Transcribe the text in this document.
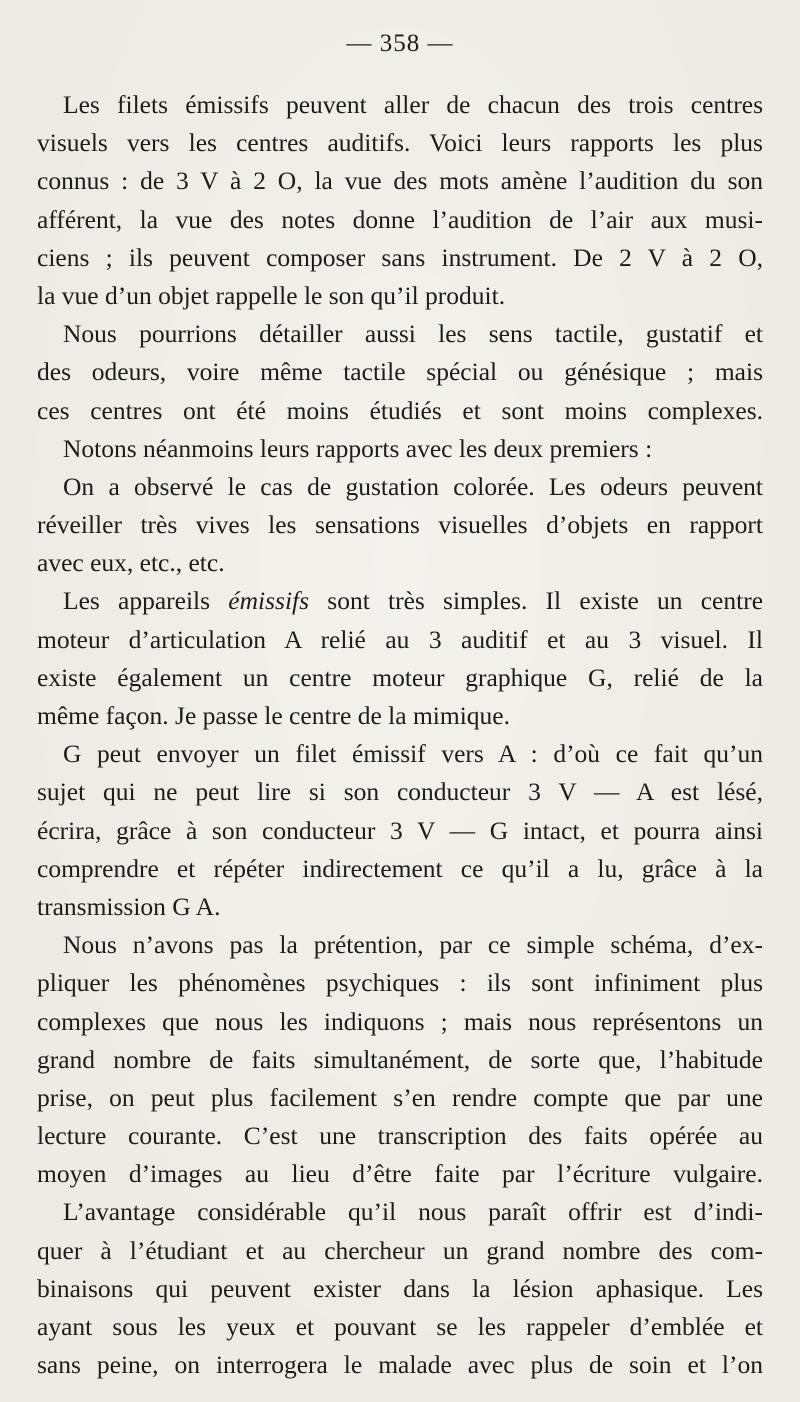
— 358 —
Les filets émissifs peuvent aller de chacun des trois centres
visuels vers les centres auditifs. Voici leurs rapports les plus
connus : de 3 V à 2 O, la vue des mots amène l’audition du son
afférent, la vue des notes donne l’audition de l’air aux musi-
ciens ; ils peuvent composer sans instrument. De 2 V à 2 O,
la vue d’un objet rappelle le son qu’il produit.
Nous pourrions détailler aussi les sens tactile, gustatif et
des odeurs, voire même tactile spécial ou génésique ; mais
ces centres ont été moins étudiés et sont moins complexes.
Notons néanmoins leurs rapports avec les deux premiers :
On a observé le cas de gustation colorée. Les odeurs peuvent
réveiller très vives les sensations visuelles d’objets en rapport
avec eux, etc., etc.
Les appareils émissifs sont très simples. Il existe un centre
moteur d’articulation A relié au 3 auditif et au 3 visuel. Il
existe également un centre moteur graphique G, relié de la
même façon. Je passe le centre de la mimique.
G peut envoyer un filet émissif vers A : d’où ce fait qu’un
sujet qui ne peut lire si son conducteur 3 V — A est lésé,
écrira, grâce à son conducteur 3 V — G intact, et pourra ainsi
comprendre et répéter indirectement ce qu’il a lu, grâce à la
transmission G A.
Nous n’avons pas la prétention, par ce simple schéma, d’ex-
pliquer les phénomènes psychiques : ils sont infiniment plus
complexes que nous les indiquons ; mais nous représentons un
grand nombre de faits simultanément, de sorte que, l’habitude
prise, on peut plus facilement s’en rendre compte que par une
lecture courante. C’est une transcription des faits opérée au
moyen d’images au lieu d’être faite par l’écriture vulgaire.
L’avantage considérable qu’il nous paraît offrir est d’indi-
quer à l’étudiant et au chercheur un grand nombre des com-
binaisons qui peuvent exister dans la lésion aphasique. Les
ayant sous les yeux et pouvant se les rappeler d’emblée et
sans peine, on interrogera le malade avec plus de soin et l’on
